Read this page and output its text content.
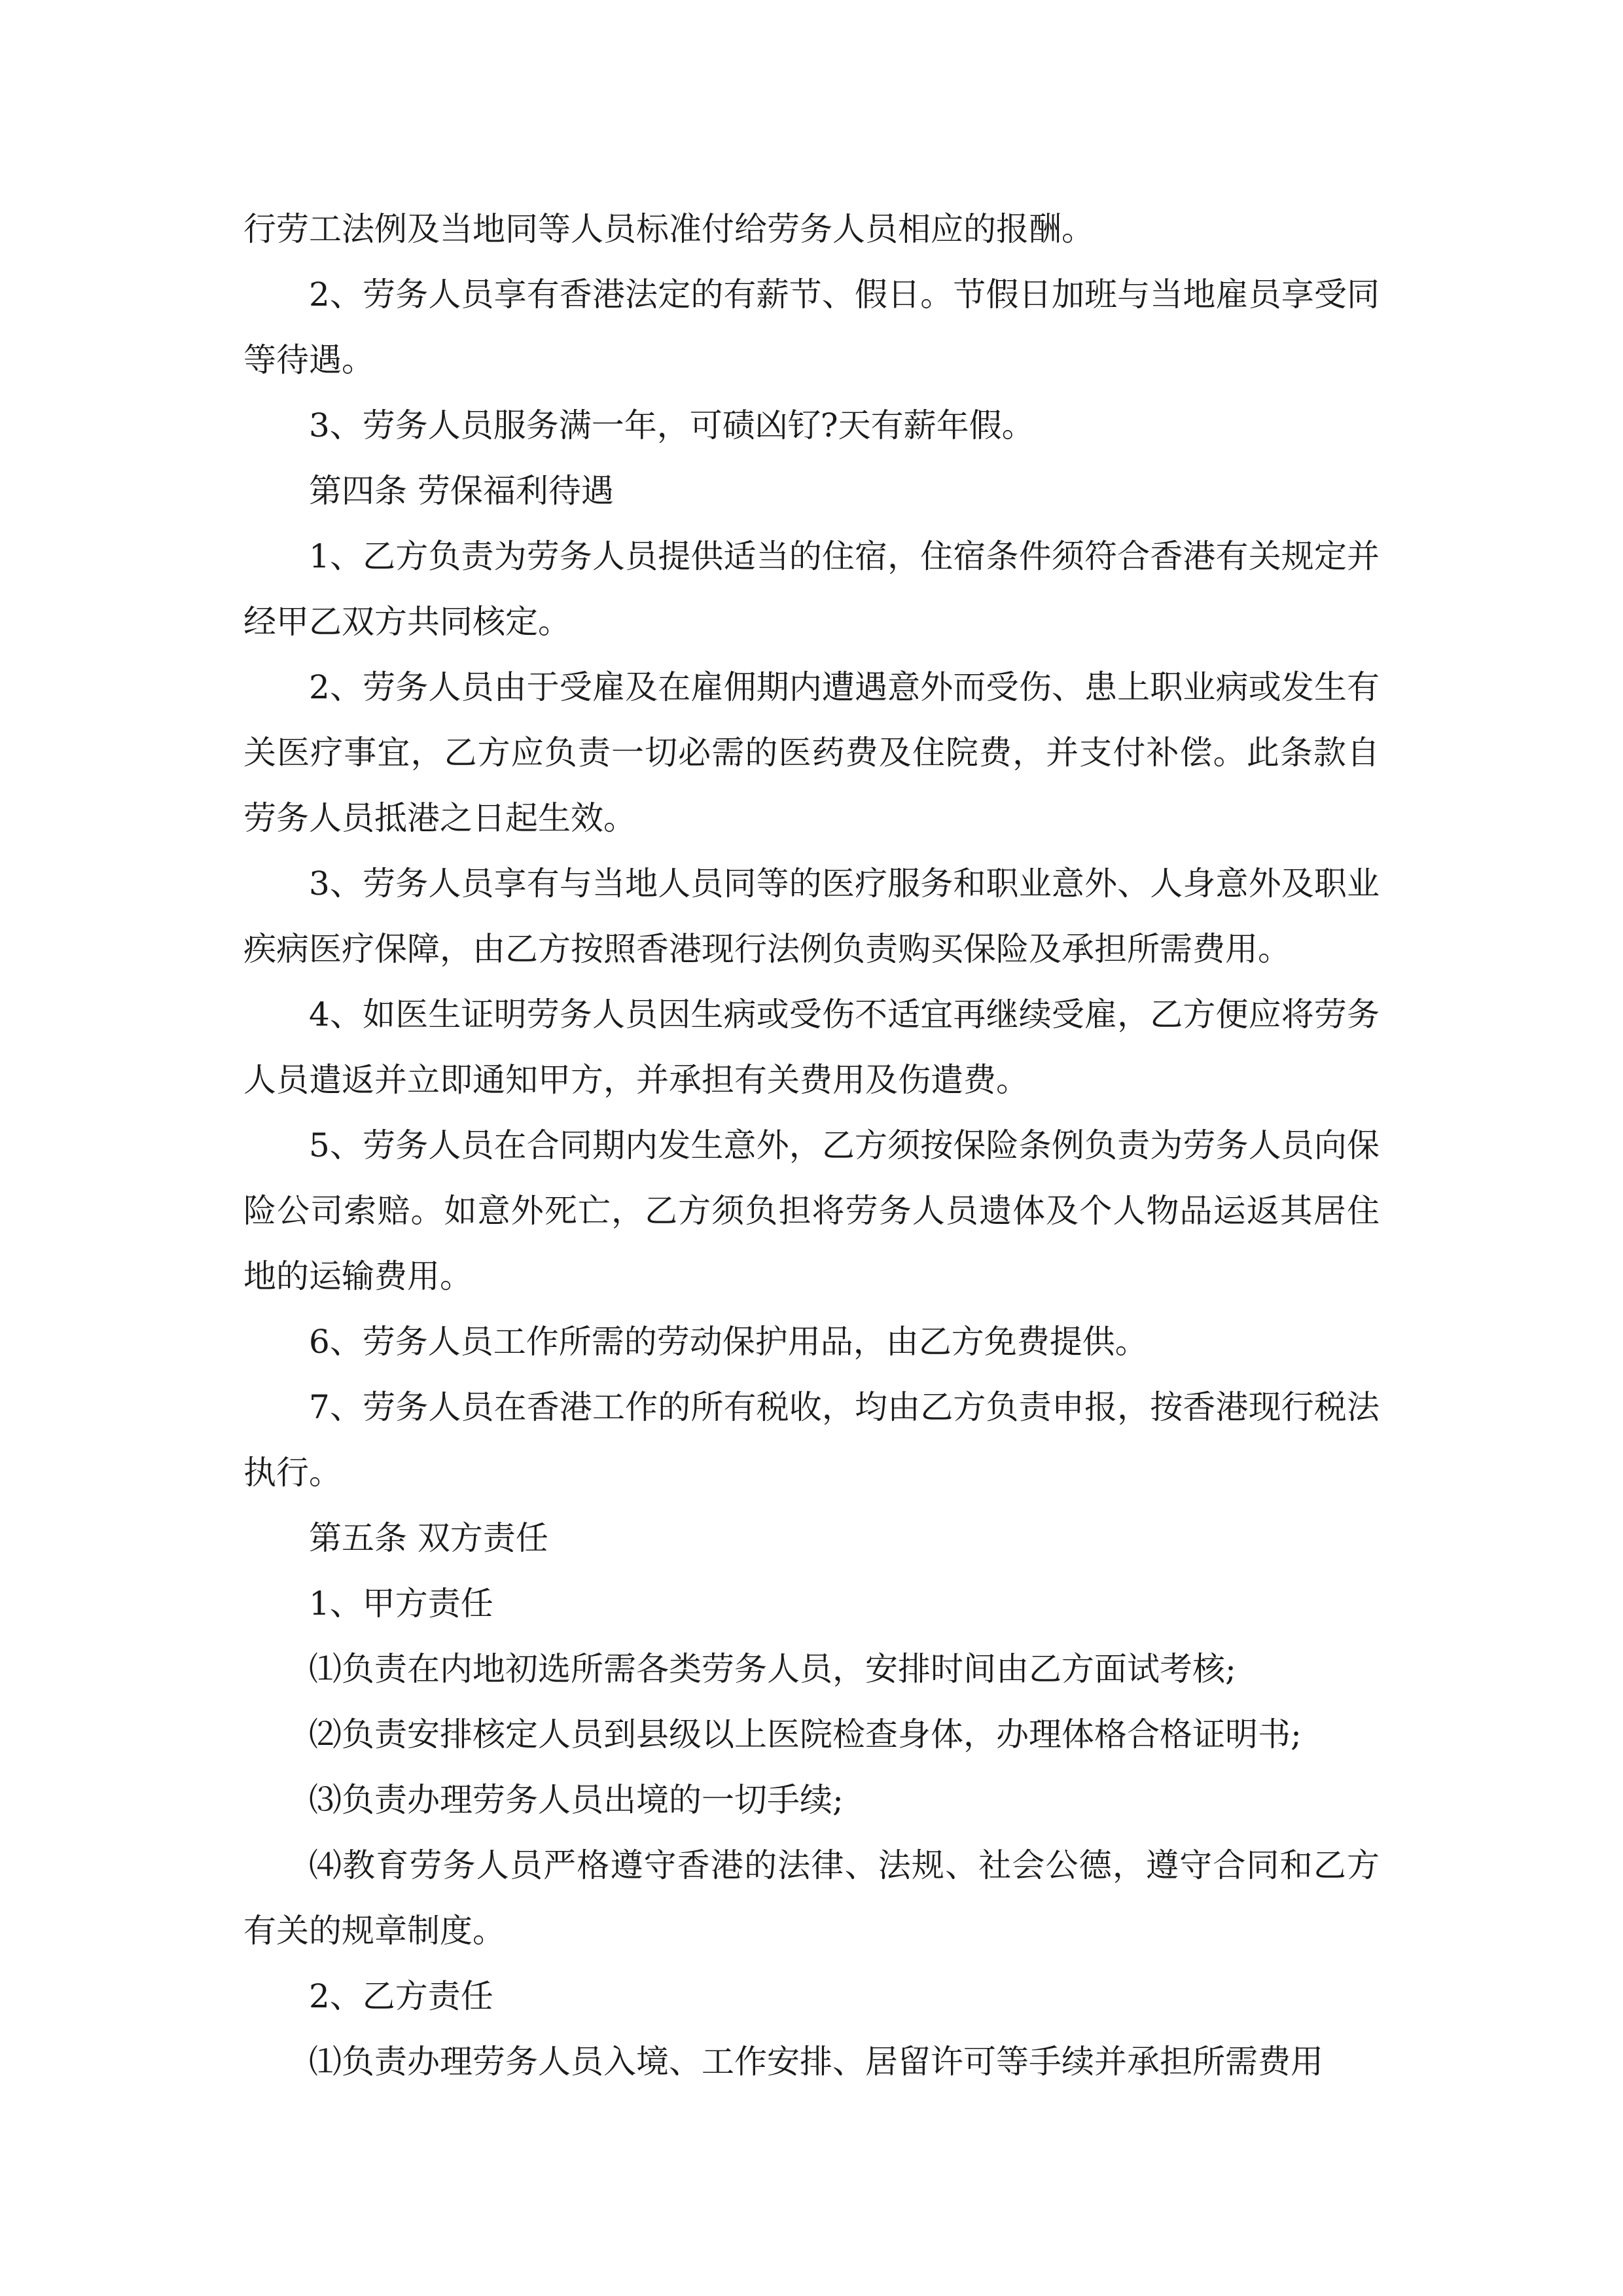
行劳工法例及当地同等人员标准付给劳务人员相应的报酬。

2、劳务人员享有香港法定的有薪节、假日。节假日加班与当地雇员享受同等待遇。

3、劳务人员服务满一年，可碛凶钌?天有薪年假。

第四条 劳保福利待遇

1、乙方负责为劳务人员提供适当的住宿，住宿条件须符合香港有关规定并经甲乙双方共同核定。

2、劳务人员由于受雇及在雇佣期内遭遇意外而受伤、患上职业病或发生有关医疗事宜，乙方应负责一切必需的医药费及住院费，并支付补偿。此条款自劳务人员抵港之日起生效。

3、劳务人员享有与当地人员同等的医疗服务和职业意外、人身意外及职业疾病医疗保障，由乙方按照香港现行法例负责购买保险及承担所需费用。

4、如医生证明劳务人员因生病或受伤不适宜再继续受雇，乙方便应将劳务人员遣返并立即通知甲方，并承担有关费用及伤遣费。

5、劳务人员在合同期内发生意外，乙方须按保险条例负责为劳务人员向保险公司索赔。如意外死亡，乙方须负担将劳务人员遗体及个人物品运返其居住地的运输费用。

6、劳务人员工作所需的劳动保护用品，由乙方免费提供。

7、劳务人员在香港工作的所有税收，均由乙方负责申报，按香港现行税法执行。

第五条 双方责任

1、甲方责任

⑴负责在内地初选所需各类劳务人员，安排时间由乙方面试考核;

⑵负责安排核定人员到县级以上医院检查身体，办理体格合格证明书;

⑶负责办理劳务人员出境的一切手续;

⑷教育劳务人员严格遵守香港的法律、法规、社会公德，遵守合同和乙方有关的规章制度。

2、乙方责任

⑴负责办理劳务人员入境、工作安排、居留许可等手续并承担所需费用
